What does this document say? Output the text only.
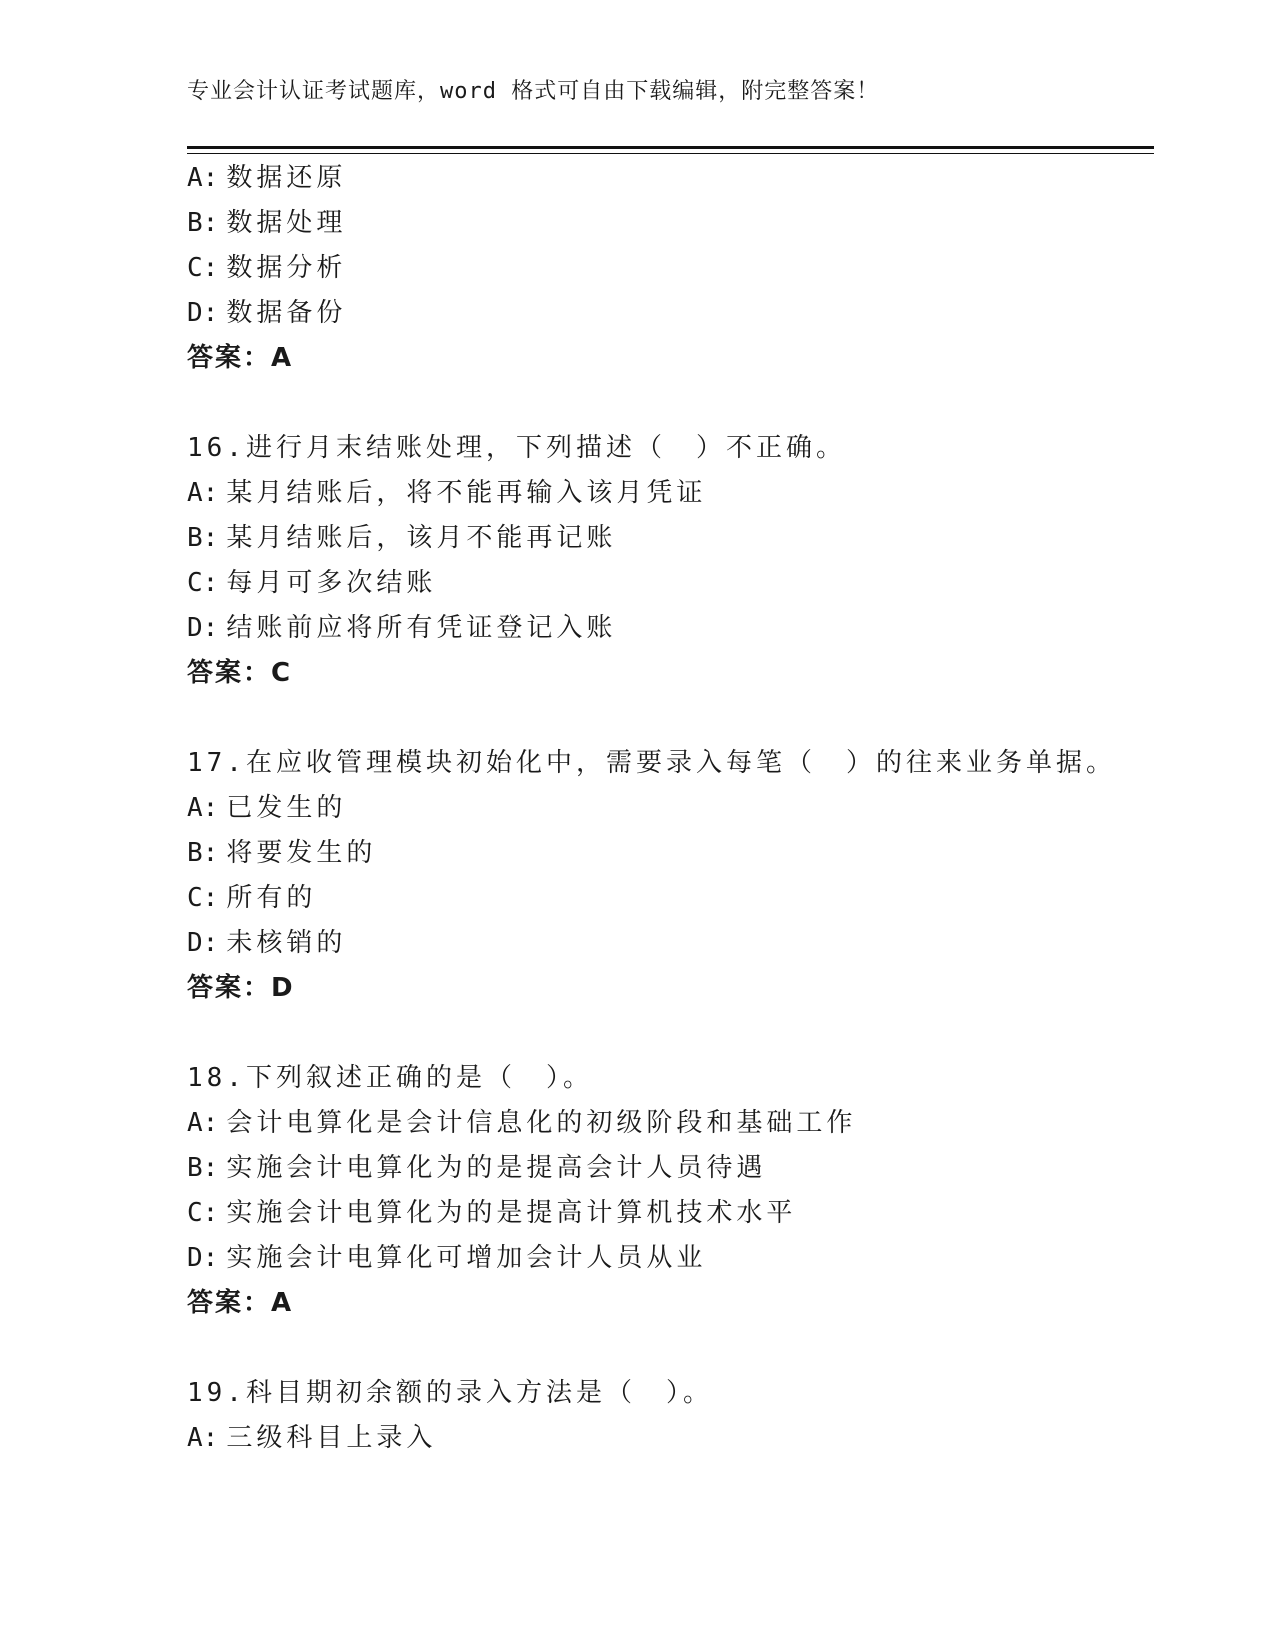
专业会计认证考试题库，word 格式可自由下载编辑，附完整答案！
A: 数据还原
B: 数据处理
C: 数据分析
D: 数据备份
答案：A
16.进行月末结账处理，下列描述（　）不正确。
A: 某月结账后，将不能再输入该月凭证
B: 某月结账后，该月不能再记账
C: 每月可多次结账
D: 结账前应将所有凭证登记入账
答案：C
17.在应收管理模块初始化中，需要录入每笔（　）的往来业务单据。
A: 已发生的
B: 将要发生的
C: 所有的
D: 未核销的
答案：D
18.下列叙述正确的是（　）。
A: 会计电算化是会计信息化的初级阶段和基础工作
B: 实施会计电算化为的是提高会计人员待遇
C: 实施会计电算化为的是提高计算机技术水平
D: 实施会计电算化可增加会计人员从业
答案：A
19.科目期初余额的录入方法是（　）。
A: 三级科目上录入
